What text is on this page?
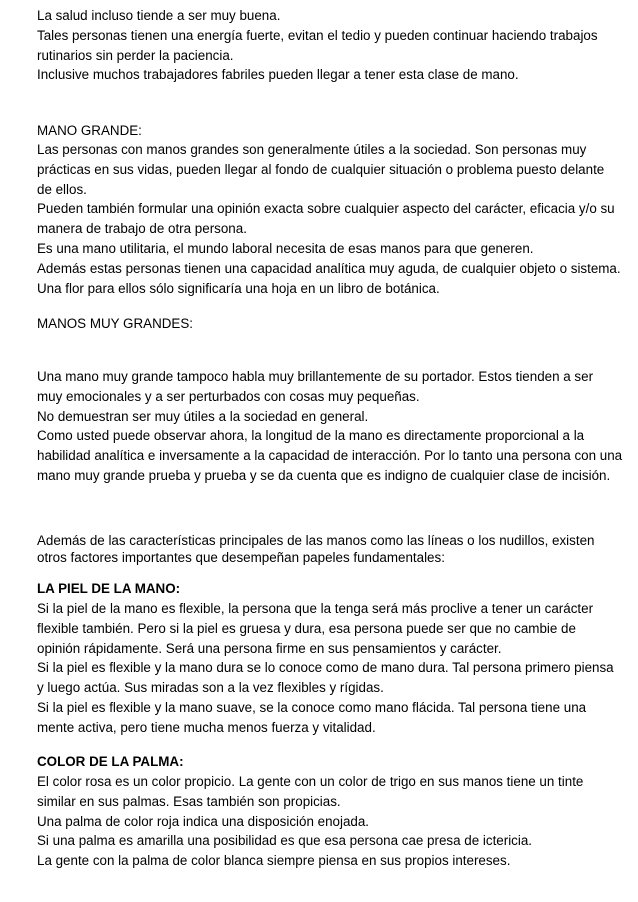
La salud incluso tiende a ser muy buena.
Tales personas tienen una energía fuerte, evitan el tedio y pueden continuar haciendo trabajos
rutinarios sin perder la paciencia.
Inclusive muchos trabajadores fabriles pueden llegar a tener esta clase de mano.
MANO GRANDE:
Las personas con manos grandes son generalmente útiles a la sociedad. Son personas muy
prácticas en sus vidas, pueden llegar al fondo de cualquier situación o problema puesto delante
de ellos.
Pueden también formular una opinión exacta sobre cualquier aspecto del carácter, eficacia y/o su
manera de trabajo de otra persona.
Es una mano utilitaria, el mundo laboral necesita de esas manos para que generen.
Además estas personas tienen una capacidad analítica muy aguda, de cualquier objeto o sistema.
Una flor para ellos sólo significaría una hoja en un libro de botánica.
MANOS MUY GRANDES:
Una mano muy grande tampoco habla muy brillantemente de su portador. Estos tienden a ser
muy emocionales y a ser perturbados con cosas muy pequeñas.
No demuestran ser muy útiles a la sociedad en general.
Como usted puede observar ahora, la longitud de la mano es directamente proporcional a la
habilidad analítica e inversamente a la capacidad de interacción. Por lo tanto una persona con una
mano muy grande prueba y prueba y se da cuenta que es indigno de cualquier clase de incisión.
Además de las características principales de las manos como las líneas o los nudillos, existen
otros factores importantes que desempeñan papeles fundamentales:
LA PIEL DE LA MANO:
Si la piel de la mano es flexible, la persona que la tenga será más proclive a tener un carácter
flexible también. Pero si la piel es gruesa y dura, esa persona puede ser que no cambie de
opinión rápidamente. Será una persona firme en sus pensamientos y carácter.
Si la piel es flexible y la mano dura se lo conoce como de mano dura. Tal persona primero piensa
y luego actúa. Sus miradas son a la vez flexibles y rígidas.
Si la piel es flexible y la mano suave, se la conoce como mano flácida. Tal persona tiene una
mente activa, pero tiene mucha menos fuerza y vitalidad.
COLOR DE LA PALMA:
El color rosa es un color propicio. La gente con un color de trigo en sus manos tiene un tinte
similar en sus palmas. Esas también son propicias.
Una palma de color roja indica una disposición enojada.
Si una palma es amarilla una posibilidad es que esa persona cae presa de ictericia.
La gente con la palma de color blanca siempre piensa en sus propios intereses.
